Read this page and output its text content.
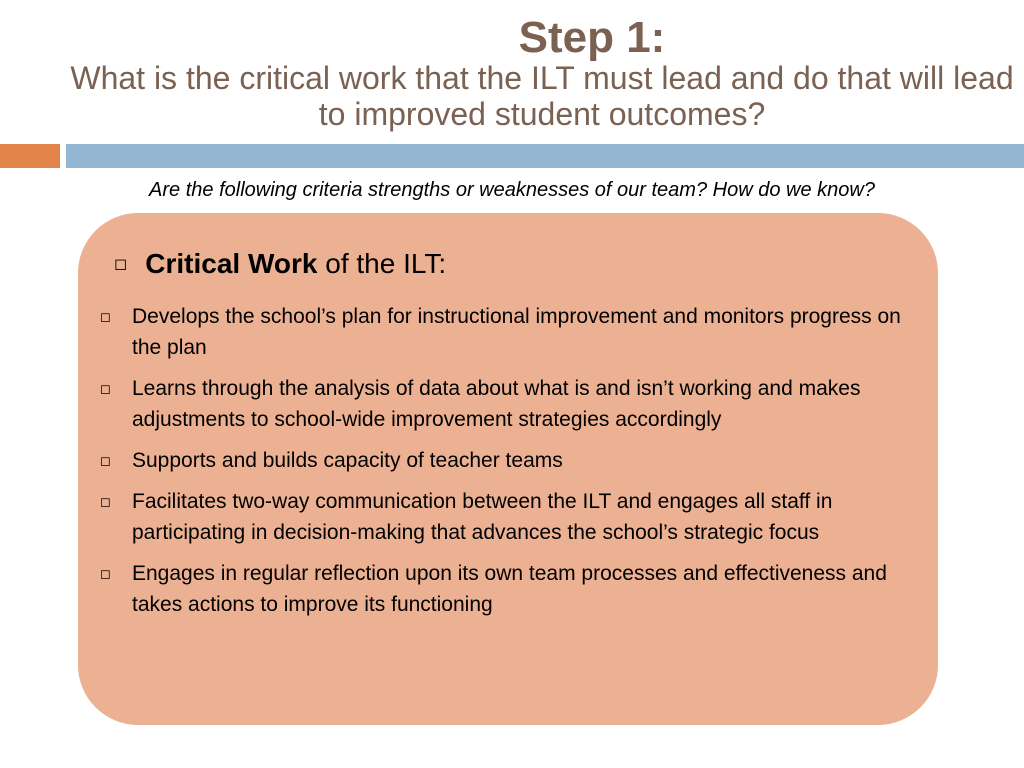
Step 1:
What is the critical work that the ILT must lead and do that will lead to improved student outcomes?
Are the following criteria strengths or weaknesses of our team? How do we know?
◻ Critical Work of the ILT:
◻	Develops the school’s plan for instructional improvement and monitors progress on the plan
◻	Learns through the analysis of data about what is and isn’t working and makes adjustments to school-wide improvement strategies accordingly
◻	Supports and builds capacity of teacher teams
◻	Facilitates two-way communication between the ILT and engages all staff in participating in decision-making that advances the school’s strategic focus
◻	Engages in regular reflection upon its own team processes and effectiveness and takes actions to improve its functioning
